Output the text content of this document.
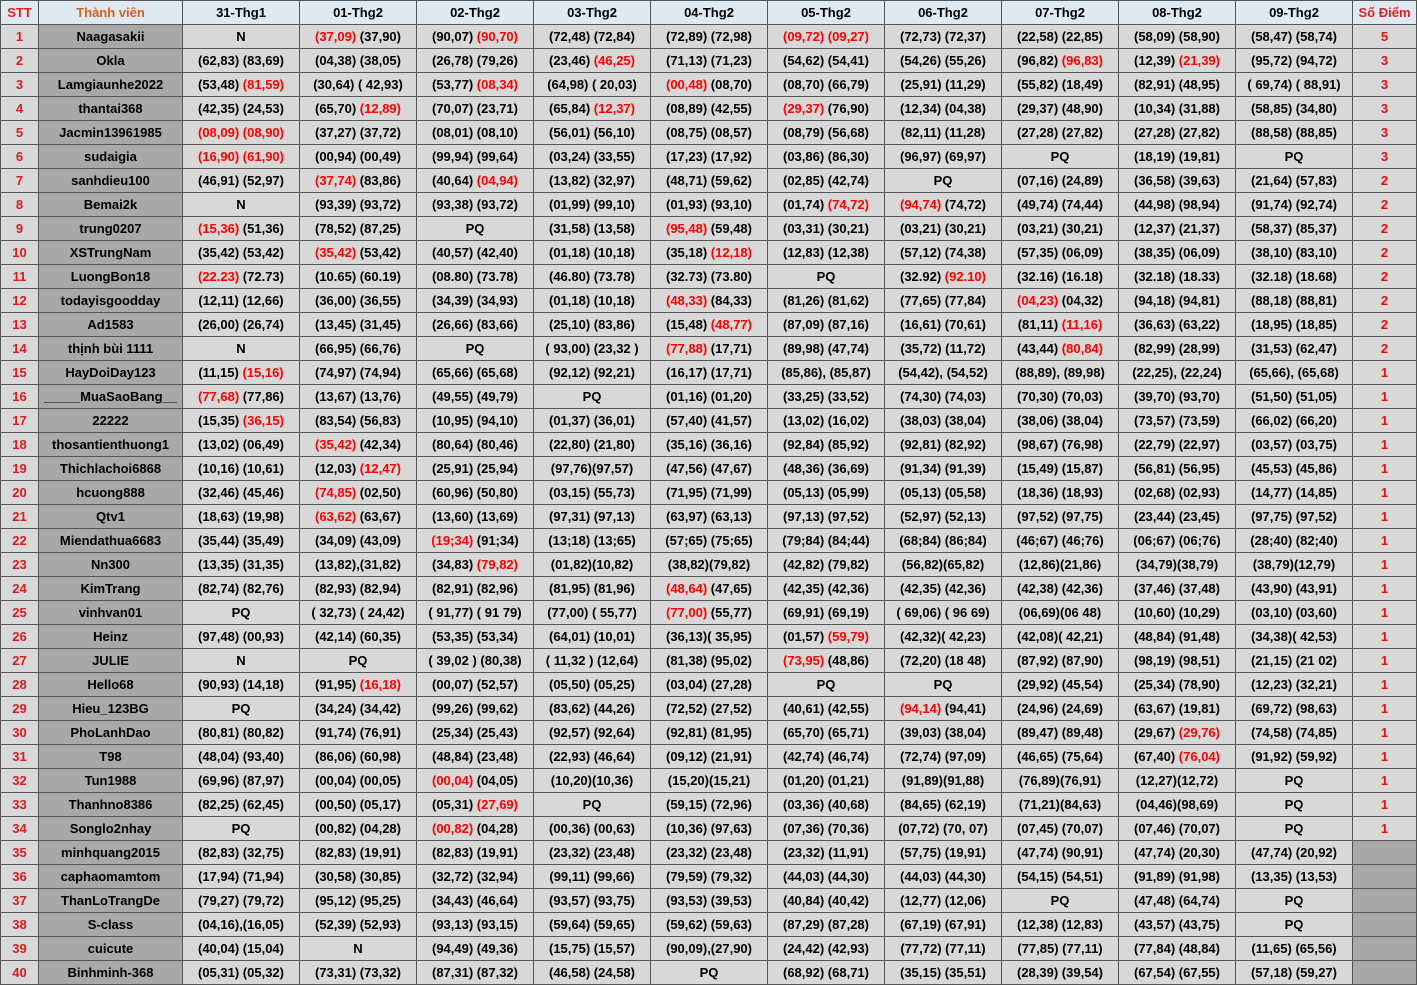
STT	Thành viên	31-Thg1	01-Thg2	02-Thg2	03-Thg2	04-Thg2	05-Thg2	06-Thg2	07-Thg2	08-Thg2	09-Thg2	Số Điểm
1	Naagasakii	N	(37,09) (37,90)	(90,07) (90,70)	(72,48) (72,84)	(72,89) (72,98)	(09,72) (09,27)	(72,73) (72,37)	(22,58) (22,85)	(58,09) (58,90)	(58,47) (58,74)	5
2	Okla	(62,83) (83,69)	(04,38) (38,05)	(26,78) (79,26)	(23,46) (46,25)	(71,13) (71,23)	(54,62) (54,41)	(54,26) (55,26)	(96,82) (96,83)	(12,39) (21,39)	(95,72) (94,72)	3
3	Lamgiaunhe2022	(53,48) (81,59)	(30,64) ( 42,93)	(53,77) (08,34)	(64,98) ( 20,03)	(00,48) (08,70)	(08,70) (66,79)	(25,91) (11,29)	(55,82) (18,49)	(82,91) (48,95)	( 69,74) ( 88,91)	3
4	thantai368	(42,35) (24,53)	(65,70) (12,89)	(70,07) (23,71)	(65,84) (12,37)	(08,89) (42,55)	(29,37) (76,90)	(12,34) (04,38)	(29,37) (48,90)	(10,34) (31,88)	(58,85) (34,80)	3
5	Jacmin13961985	(08,09) (08,90)	(37,27) (37,72)	(08,01) (08,10)	(56,01) (56,10)	(08,75) (08,57)	(08,79) (56,68)	(82,11) (11,28)	(27,28) (27,82)	(27,28) (27,82)	(88,58) (88,85)	3
6	sudaigia	(16,90) (61,90)	(00,94) (00,49)	(99,94) (99,64)	(03,24) (33,55)	(17,23) (17,92)	(03,86) (86,30)	(96,97) (69,97)	PQ	(18,19) (19,81)	PQ	3
7	sanhdieu100	(46,91) (52,97)	(37,74) (83,86)	(40,64) (04,94)	(13,82) (32,97)	(48,71) (59,62)	(02,85) (42,74)	PQ	(07,16) (24,89)	(36,58) (39,63)	(21,64) (57,83)	2
8	Bemai2k	N	(93,39) (93,72)	(93,38) (93,72)	(01,99) (99,10)	(01,93) (93,10)	(01,74) (74,72)	(94,74) (74,72)	(49,74) (74,44)	(44,98) (98,94)	(91,74) (92,74)	2
9	trung0207	(15,36) (51,36)	(78,52) (87,25)	PQ	(31,58) (13,58)	(95,48) (59,48)	(03,31) (30,21)	(03,21) (30,21)	(03,21) (30,21)	(12,37) (21,37)	(58,37) (85,37)	2
10	XSTrungNam	(35,42) (53,42)	(35,42) (53,42)	(40,57) (42,40)	(01,18) (10,18)	(35,18) (12,18)	(12,83) (12,38)	(57,12) (74,38)	(57,35) (06,09)	(38,35) (06,09)	(38,10) (83,10)	2
11	LuongBon18	(22.23) (72.73)	(10.65) (60.19)	(08.80) (73.78)	(46.80) (73.78)	(32.73) (73.80)	PQ	(32.92) (92.10)	(32.16) (16.18)	(32.18) (18.33)	(32.18) (18.68)	2
12	todayisgoodday	(12,11) (12,66)	(36,00) (36,55)	(34,39) (34,93)	(01,18) (10,18)	(48,33) (84,33)	(81,26) (81,62)	(77,65) (77,84)	(04,23) (04,32)	(94,18) (94,81)	(88,18) (88,81)	2
13	Ad1583	(26,00) (26,74)	(13,45) (31,45)	(26,66) (83,66)	(25,10) (83,86)	(15,48) (48,77)	(87,09) (87,16)	(16,61) (70,61)	(81,11) (11,16)	(36,63) (63,22)	(18,95) (18,85)	2
14	thịnh bùi 1111	N	(66,95) (66,76)	PQ	( 93,00) (23,32 )	(77,88) (17,71)	(89,98) (47,74)	(35,72) (11,72)	(43,44) (80,84)	(82,99) (28,99)	(31,53) (62,47)	2
15	HayDoiDay123	(11,15) (15,16)	(74,97) (74,94)	(65,66) (65,68)	(92,12) (92,21)	(16,17) (17,71)	(85,86), (85,87)	(54,42), (54,52)	(88,89), (89,98)	(22,25), (22,24)	(65,66), (65,68)	1
16	_____MuaSaoBang__	(77,68) (77,86)	(13,67) (13,76)	(49,55) (49,79)	PQ	(01,16) (01,20)	(33,25) (33,52)	(74,30) (74,03)	(70,30) (70,03)	(39,70) (93,70)	(51,50) (51,05)	1
17	22222	(15,35) (36,15)	(83,54) (56,83)	(10,95) (94,10)	(01,37) (36,01)	(57,40) (41,57)	(13,02) (16,02)	(38,03) (38,04)	(38,06) (38,04)	(73,57) (73,59)	(66,02) (66,20)	1
18	thosantienthuong1	(13,02) (06,49)	(35,42) (42,34)	(80,64) (80,46)	(22,80) (21,80)	(35,16) (36,16)	(92,84) (85,92)	(92,81) (82,92)	(98,67) (76,98)	(22,79) (22,97)	(03,57) (03,75)	1
19	Thichlachoi6868	(10,16) (10,61)	(12,03) (12,47)	(25,91) (25,94)	(97,76)(97,57)	(47,56) (47,67)	(48,36) (36,69)	(91,34) (91,39)	(15,49) (15,87)	(56,81) (56,95)	(45,53) (45,86)	1
20	hcuong888	(32,46) (45,46)	(74,85) (02,50)	(60,96) (50,80)	(03,15) (55,73)	(71,95) (71,99)	(05,13) (05,99)	(05,13) (05,58)	(18,36) (18,93)	(02,68) (02,93)	(14,77) (14,85)	1
21	Qtv1	(18,63) (19,98)	(63,62) (63,67)	(13,60) (13,69)	(97,31) (97,13)	(63,97) (63,13)	(97,13) (97,52)	(52,97) (52,13)	(97,52) (97,75)	(23,44) (23,45)	(97,75) (97,52)	1
22	Miendathua6683	(35,44) (35,49)	(34,09) (43,09)	(19;34) (91;34)	(13;18) (13;65)	(57;65) (75;65)	(79;84) (84;44)	(68;84) (86;84)	(46;67) (46;76)	(06;67) (06;76)	(28;40) (82;40)	1
23	Nn300	(13,35) (31,35)	(13,82),(31,82)	(34,83) (79,82)	(01,82)(10,82)	(38,82)(79,82)	(42,82) (79,82)	(56,82)(65,82)	(12,86)(21,86)	(34,79)(38,79)	(38,79)(12,79)	1
24	KimTrang	(82,74) (82,76)	(82,93) (82,94)	(82,91) (82,96)	(81,95) (81,96)	(48,64) (47,65)	(42,35) (42,36)	(42,35) (42,36)	(42,38) (42,36)	(37,46) (37,48)	(43,90) (43,91)	1
25	vinhvan01	PQ	( 32,73) ( 24,42)	( 91,77) ( 91 79)	(77,00) ( 55,77)	(77,00) (55,77)	(69,91) (69,19)	( 69,06) ( 96 69)	(06,69)(06 48)	(10,60) (10,29)	(03,10) (03,60)	1
26	Heinz	(97,48) (00,93)	(42,14) (60,35)	(53,35) (53,34)	(64,01) (10,01)	(36,13)( 35,95)	(01,57) (59,79)	(42,32)( 42,23)	(42,08)( 42,21)	(48,84) (91,48)	(34,38)( 42,53)	1
27	JULIE	N	PQ	( 39,02 ) (80,38)	( 11,32 ) (12,64)	(81,38) (95,02)	(73,95) (48,86)	(72,20) (18 48)	(87,92) (87,90)	(98,19) (98,51)	(21,15) (21 02)	1
28	Hello68	(90,93) (14,18)	(91,95) (16,18)	(00,07) (52,57)	(05,50) (05,25)	(03,04) (27,28)	PQ	PQ	(29,92) (45,54)	(25,34) (78,90)	(12,23) (32,21)	1
29	Hieu_123BG	PQ	(34,24) (34,42)	(99,26) (99,62)	(83,62) (44,26)	(72,52) (27,52)	(40,61) (42,55)	(94,14) (94,41)	(24,96) (24,69)	(63,67) (19,81)	(69,72) (98,63)	1
30	PhoLanhDao	(80,81) (80,82)	(91,74) (76,91)	(25,34) (25,43)	(92,57) (92,64)	(92,81) (81,95)	(65,70) (65,71)	(39,03) (38,04)	(89,47) (89,48)	(29,67) (29,76)	(74,58) (74,85)	1
31	T98	(48,04) (93,40)	(86,06) (60,98)	(48,84) (23,48)	(22,93) (46,64)	(09,12) (21,91)	(42,74) (46,74)	(72,74) (97,09)	(46,65) (75,64)	(67,40) (76,04)	(91,92) (59,92)	1
32	Tun1988	(69,96) (87,97)	(00,04) (00,05)	(00,04) (04,05)	(10,20)(10,36)	(15,20)(15,21)	(01,20) (01,21)	(91,89)(91,88)	(76,89)(76,91)	(12,27)(12,72)	PQ	1
33	Thanhno8386	(82,25) (62,45)	(00,50) (05,17)	(05,31) (27,69)	PQ	(59,15) (72,96)	(03,36) (40,68)	(84,65) (62,19)	(71,21)(84,63)	(04,46)(98,69)	PQ	1
34	Songlo2nhay	PQ	(00,82) (04,28)	(00,82) (04,28)	(00,36) (00,63)	(10,36) (97,63)	(07,36) (70,36)	(07,72) (70, 07)	(07,45) (70,07)	(07,46) (70,07)	PQ	1
35	minhquang2015	(82,83) (32,75)	(82,83) (19,91)	(82,83) (19,91)	(23,32) (23,48)	(23,32) (23,48)	(23,32) (11,91)	(57,75) (19,91)	(47,74) (90,91)	(47,74) (20,30)	(47,74) (20,92)	
36	caphaomamtom	(17,94) (71,94)	(30,58) (30,85)	(32,72) (32,94)	(99,11) (99,66)	(79,59) (79,32)	(44,03) (44,30)	(44,03) (44,30)	(54,15) (54,51)	(91,89) (91,98)	(13,35) (13,53)	
37	ThanLoTrangDe	(79,27) (79,72)	(95,12) (95,25)	(34,43) (46,64)	(93,57) (93,75)	(93,53) (39,53)	(40,84) (40,42)	(12,77) (12,06)	PQ	(47,48) (64,74)	PQ	
38	S-class	(04,16),(16,05)	(52,39) (52,93)	(93,13) (93,15)	(59,64) (59,65)	(59,62) (59,63)	(87,29) (87,28)	(67,19) (67,91)	(12,38) (12,83)	(43,57) (43,75)	PQ	
39	cuicute	(40,04) (15,04)	N	(94,49) (49,36)	(15,75) (15,57)	(90,09),(27,90)	(24,42) (42,93)	(77,72) (77,11)	(77,85) (77,11)	(77,84) (48,84)	(11,65) (65,56)	
40	Binhminh-368	(05,31) (05,32)	(73,31) (73,32)	(87,31) (87,32)	(46,58) (24,58)	PQ	(68,92) (68,71)	(35,15) (35,51)	(28,39) (39,54)	(67,54) (67,55)	(57,18) (59,27)	
